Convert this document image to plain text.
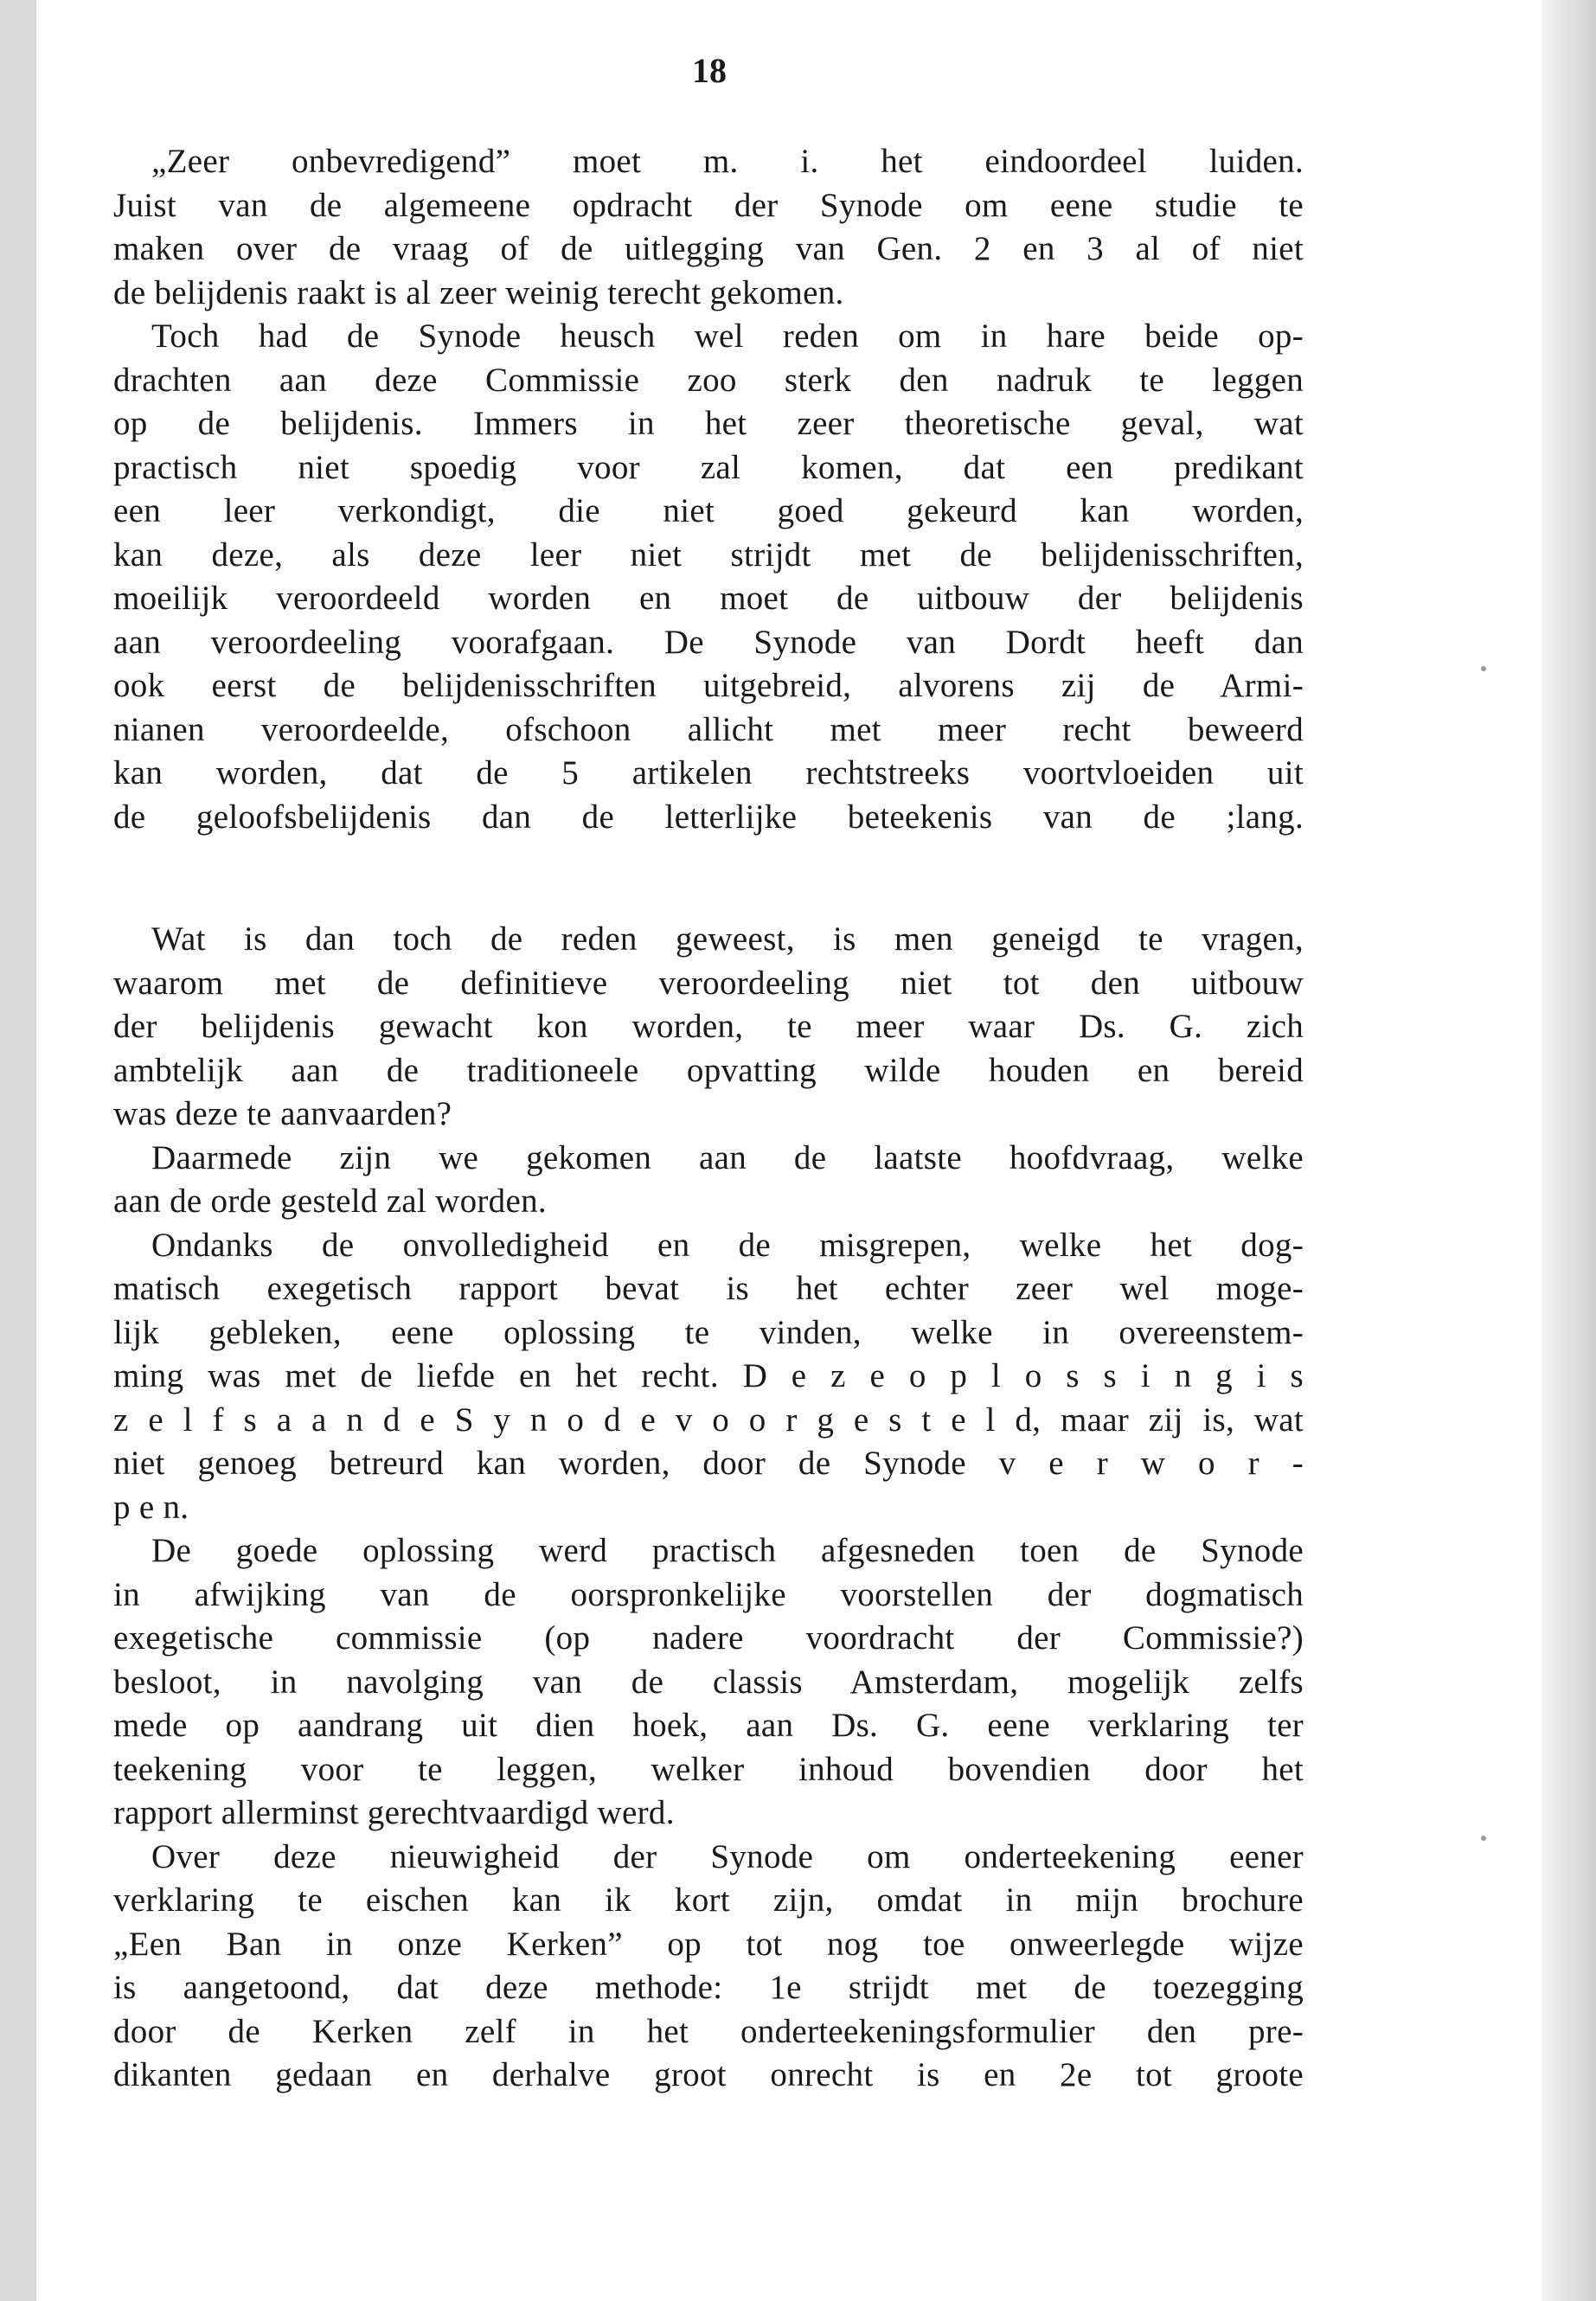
18
„Zeer onbevredigend” moet m. i. het eindoordeel luiden.
Juist van de algemeene opdracht der Synode om eene studie te
maken over de vraag of de uitlegging van Gen. 2 en 3 al of niet
de belijdenis raakt is al zeer weinig terecht gekomen.
Toch had de Synode heusch wel reden om in hare beide op-
drachten aan deze Commissie zoo sterk den nadruk te leggen
op de belijdenis. Immers in het zeer theoretische geval, wat
practisch niet spoedig voor zal komen, dat een predikant
een leer verkondigt, die niet goed gekeurd kan worden,
kan deze, als deze leer niet strijdt met de belijdenisschriften,
moeilijk veroordeeld worden en moet de uitbouw der belijdenis
aan veroordeeling voorafgaan. De Synode van Dordt heeft dan
ook eerst de belijdenisschriften uitgebreid, alvorens zij de Armi-
nianen veroordeelde, ofschoon allicht met meer recht beweerd
kan worden, dat de 5 artikelen rechtstreeks voortvloeiden uit
de geloofsbelijdenis dan de letterlijke beteekenis van de ;lang.
Wat is dan toch de reden geweest, is men geneigd te vragen,
waarom met de definitieve veroordeeling niet tot den uitbouw
der belijdenis gewacht kon worden, te meer waar Ds. G. zich
ambtelijk aan de traditioneele opvatting wilde houden en bereid
was deze te aanvaarden?
Daarmede zijn we gekomen aan de laatste hoofdvraag, welke
aan de orde gesteld zal worden.
Ondanks de onvolledigheid en de misgrepen, welke het dog-
matisch exegetisch rapport bevat is het echter zeer wel moge-
lijk gebleken, eene oplossing te vinden, welke in overeenstem-
ming was met de liefde en het recht. D e z e o p l o s s i n g i s
z e l f s a a n d e S y n o d e v o o r g e s t e l d, maar zij is, wat
niet genoeg betreurd kan worden, door de Synode v e r w o r -
p e n.
De goede oplossing werd practisch afgesneden toen de Synode
in afwijking van de oorspronkelijke voorstellen der dogmatisch
exegetische commissie (op nadere voordracht der Commissie?)
besloot, in navolging van de classis Amsterdam, mogelijk zelfs
mede op aandrang uit dien hoek, aan Ds. G. eene verklaring ter
teekening voor te leggen, welker inhoud bovendien door het
rapport allerminst gerechtvaardigd werd.
Over deze nieuwigheid der Synode om onderteekening eener
verklaring te eischen kan ik kort zijn, omdat in mijn brochure
„Een Ban in onze Kerken” op tot nog toe onweerlegde wijze
is aangetoond, dat deze methode: 1e strijdt met de toezegging
door de Kerken zelf in het onderteekeningsformulier den pre-
dikanten gedaan en derhalve groot onrecht is en 2e tot groote
